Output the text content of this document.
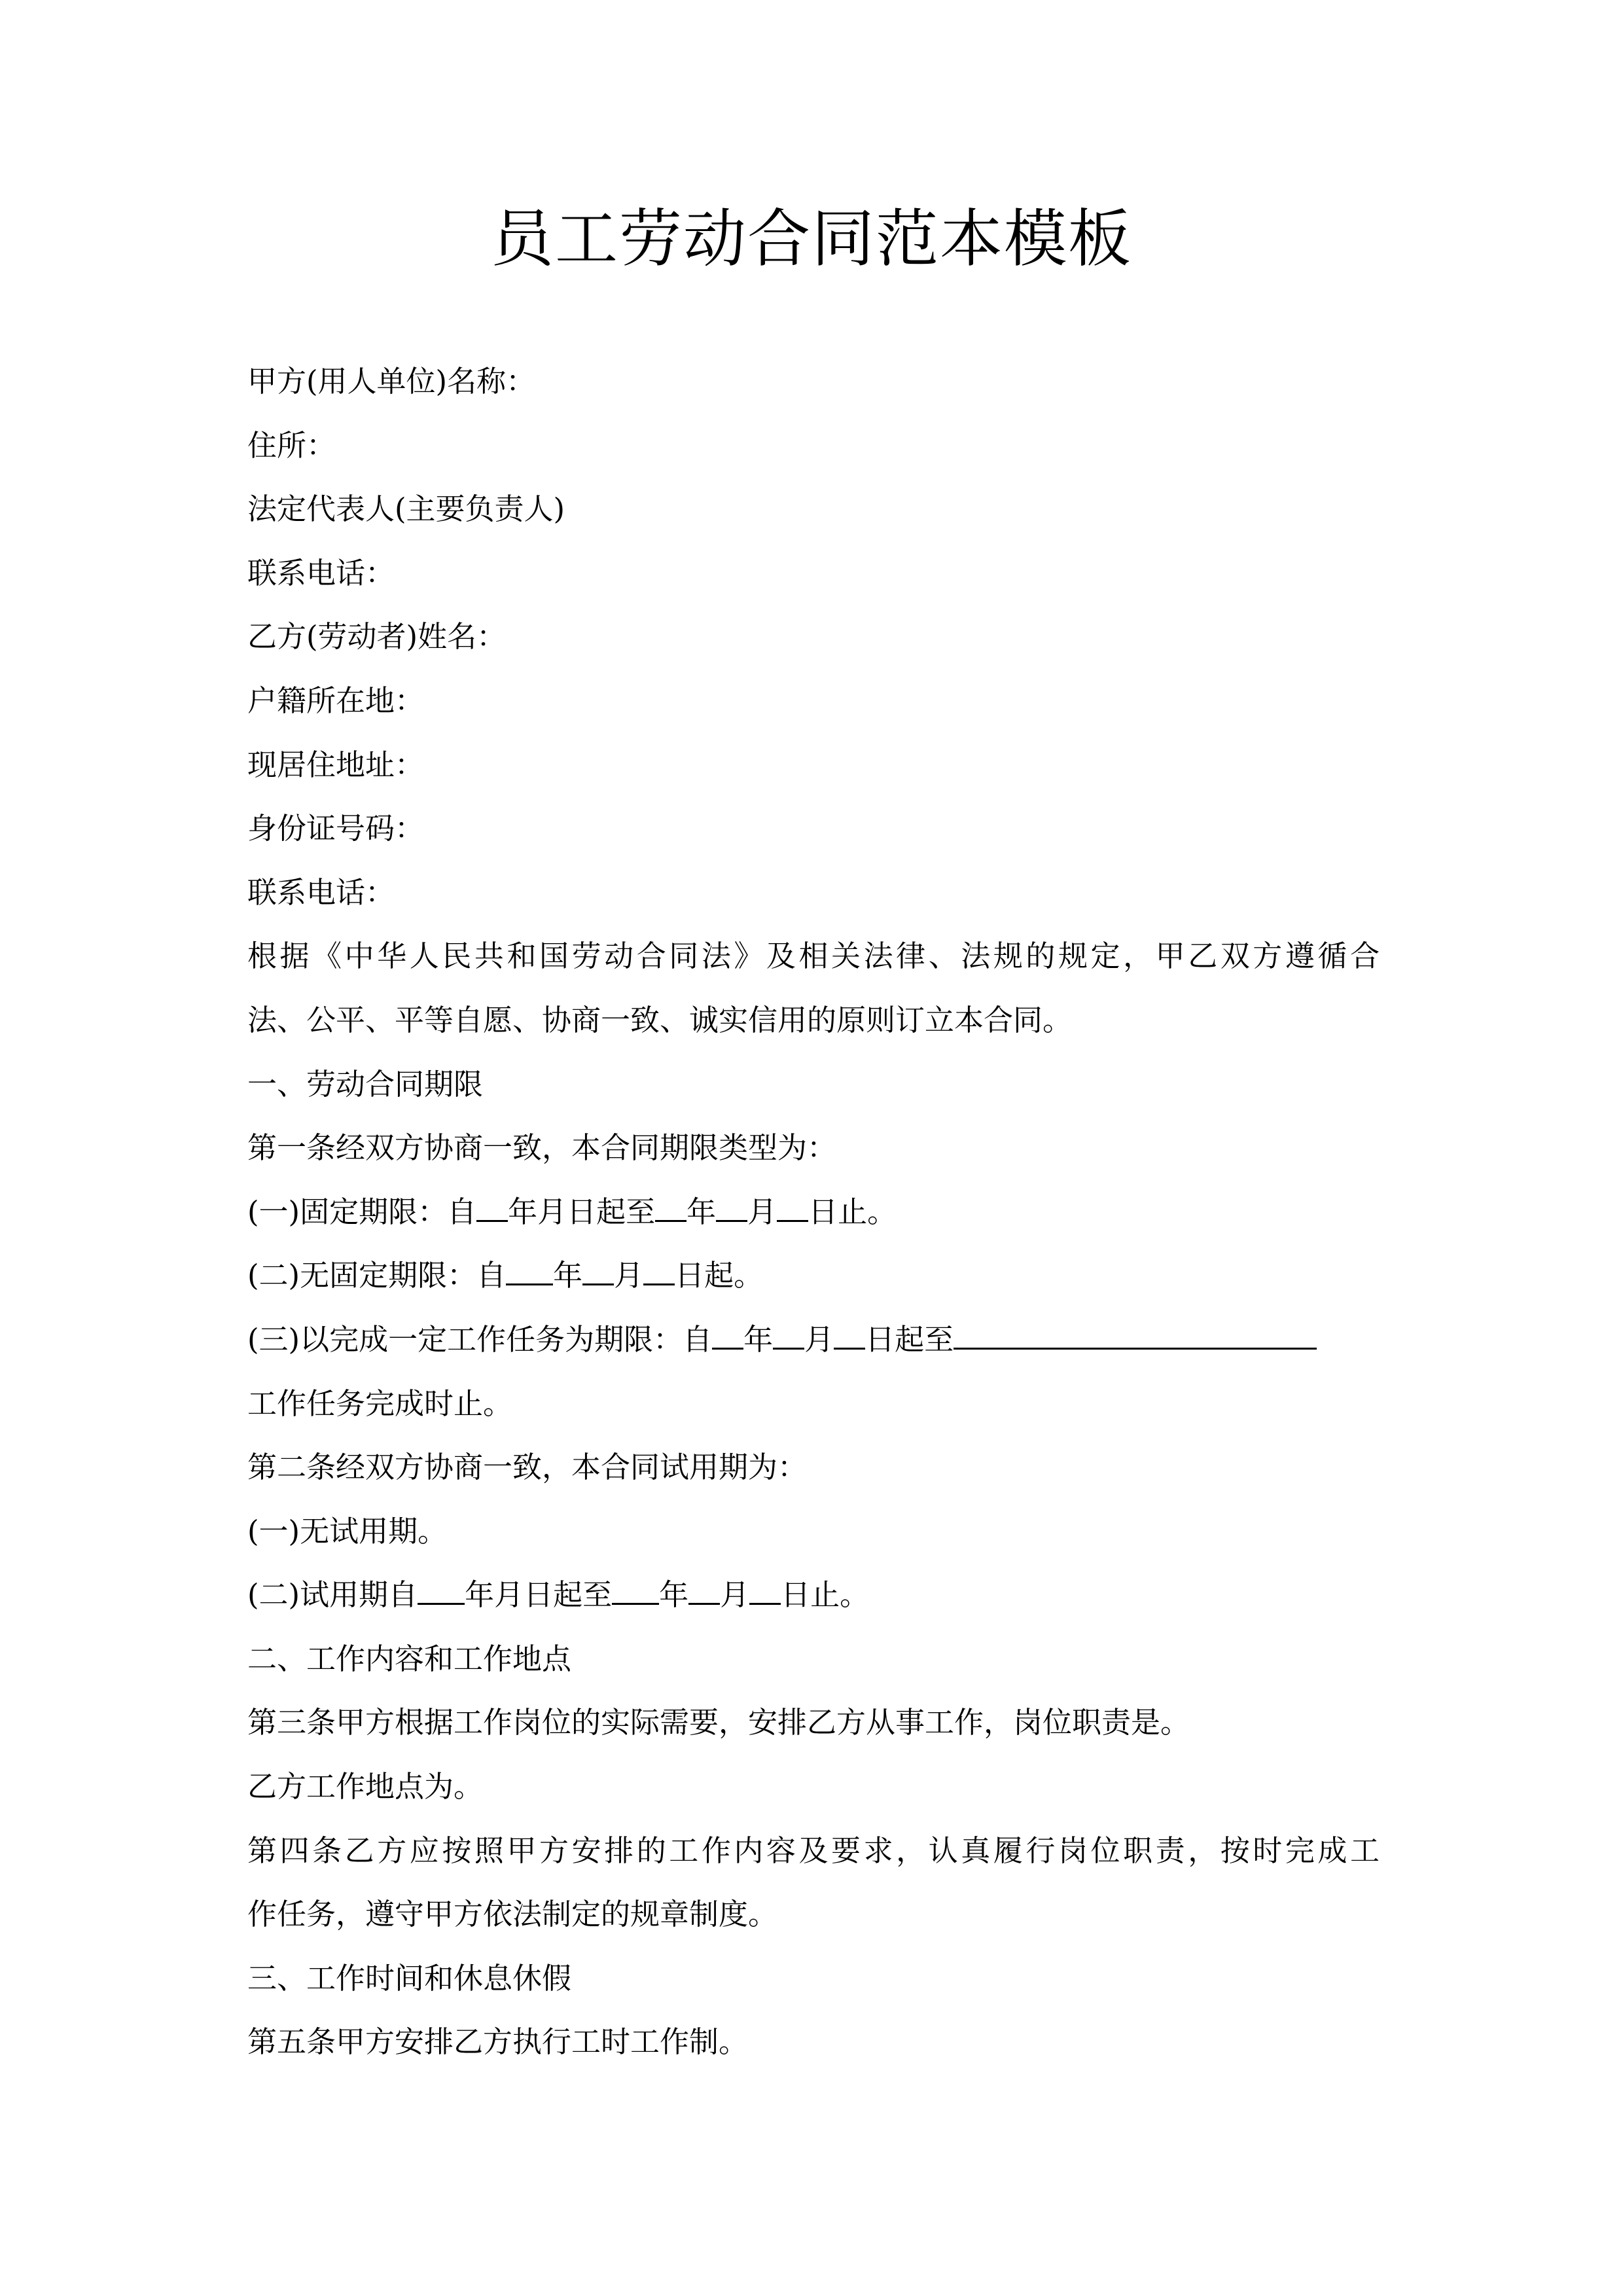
员工劳动合同范本模板
甲方(用人单位)名称：
住所：
法定代表人(主要负责人)
联系电话：
乙方(劳动者)姓名：
户籍所在地：
现居住地址：
身份证号码：
联系电话：
根据《中华人民共和国劳动合同法》及相关法律、法规的规定，甲乙双方遵循合
法、公平、平等自愿、协商一致、诚实信用的原则订立本合同。
一、劳动合同期限
第一条经双方协商一致，本合同期限类型为：
(一)固定期限：自 年月日起至 年 月 日止。
(二)无固定期限：自 年 月 日起。
(三)以完成一定工作任务为期限：自 年 月 日起至
工作任务完成时止。
第二条经双方协商一致，本合同试用期为：
(一)无试用期。
(二)试用期自 年月日起至 年 月 日止。
二、工作内容和工作地点
第三条甲方根据工作岗位的实际需要，安排乙方从事工作，岗位职责是。
乙方工作地点为。
第四条乙方应按照甲方安排的工作内容及要求，认真履行岗位职责，按时完成工
作任务，遵守甲方依法制定的规章制度。
三、工作时间和休息休假
第五条甲方安排乙方执行工时工作制。
